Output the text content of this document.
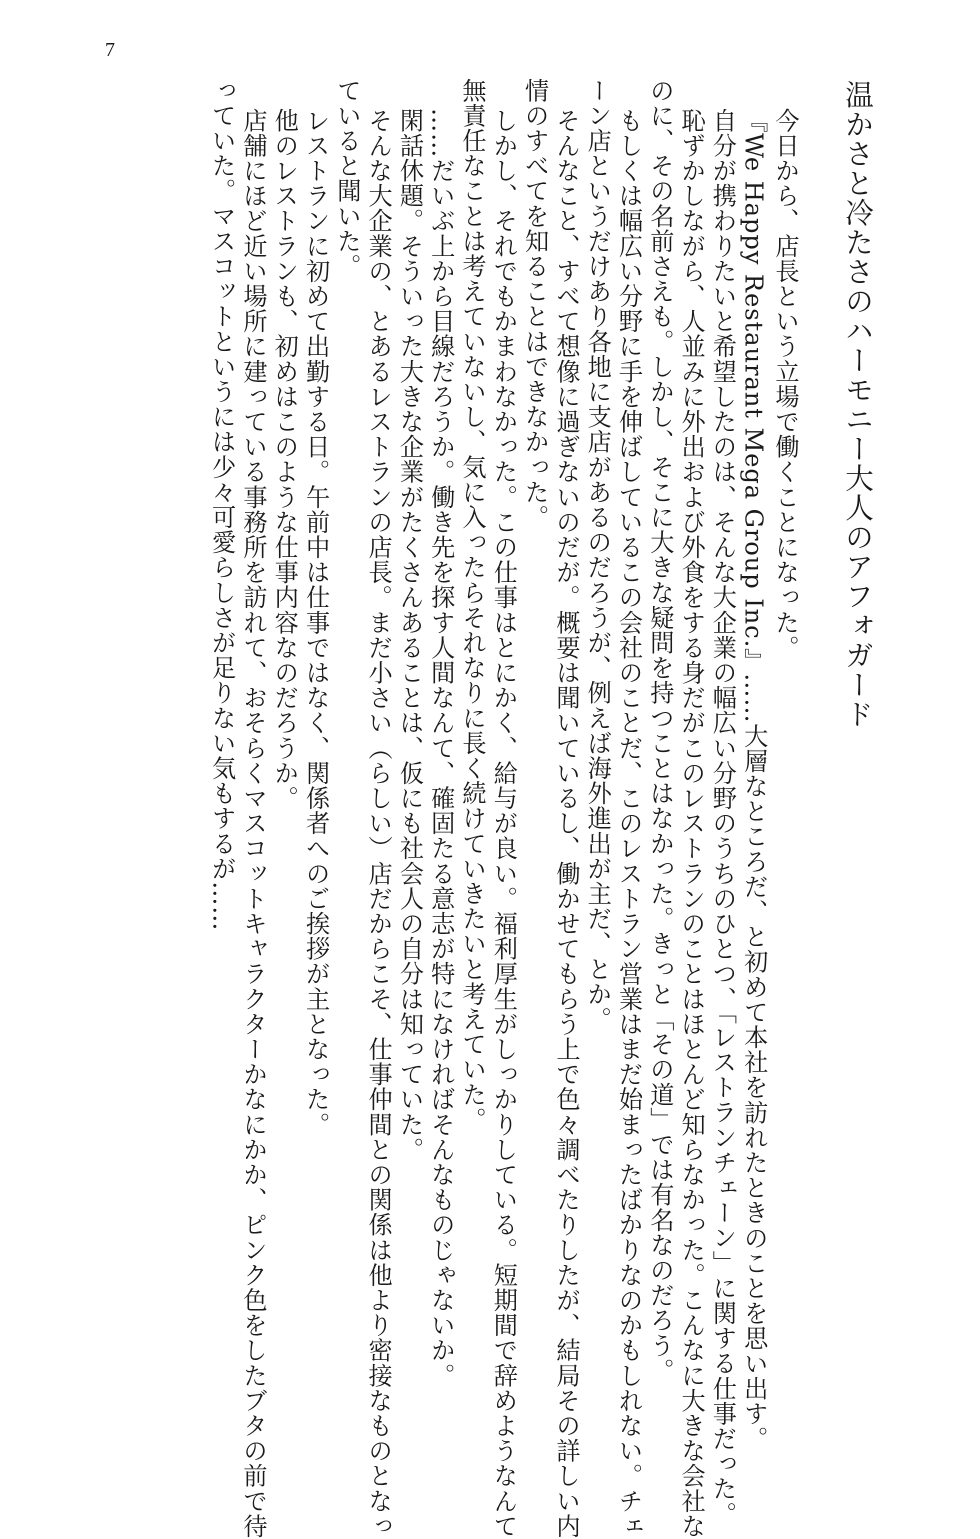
7
温かさと冷たさのハーモニー大人のアフォガード

今日から、店長という立場で働くことになった。

『We Happy Restaurant Mega Group Inc.』……大層なところだ、と初めて本社を訪れたときのことを思い出す。

自分が携わりたいと希望したのは、そんな大企業の幅広い分野のうちのひとつ、「レストランチェーン」に関する仕事だった。

恥ずかしながら、人並みに外出および外食をする身だがこのレストランのことはほとんど知らなかった。こんなに大きな会社な

のに、その名前さえも。しかし、そこに大きな疑問を持つことはなかった。きっと「その道」では有名なのだろう。

もしくは幅広い分野に手を伸ばしているこの会社のことだ、このレストラン営業はまだ始まったばかりなのかもしれない。チェ

ーン店というだけあり各地に支店があるのだろうが、例えば海外進出が主だ、とか。

そんなこと、すべて想像に過ぎないのだが。概要は聞いているし、働かせてもらう上で色々調べたりしたが、結局その詳しい内

情のすべてを知ることはできなかった。

しかし、それでもかまわなかった。この仕事はとにかく、給与が良い。福利厚生がしっかりしている。短期間で辞めようなんて

無責任なことは考えていないし、気に入ったらそれなりに長く続けていきたいと考えていた。

……だいぶ上から目線だろうか。働き先を探す人間なんて、確固たる意志が特になければそんなものじゃないか。

閑話休題。そういった大きな企業がたくさんあることは、仮にも社会人の自分は知っていた。

そんな大企業の、とあるレストランの店長。まだ小さい（らしい）店だからこそ、仕事仲間との関係は他より密接なものとなっ

ていると聞いた。

レストランに初めて出勤する日。午前中は仕事ではなく、関係者へのご挨拶が主となった。

他のレストランも、初めはこのような仕事内容なのだろうか。

店舗にほど近い場所に建っている事務所を訪れて、おそらくマスコットキャラクターかなにかか、ピンク色をしたブタの前で待

っていた。マスコットというには少々可愛らしさが足りない気もするが……
